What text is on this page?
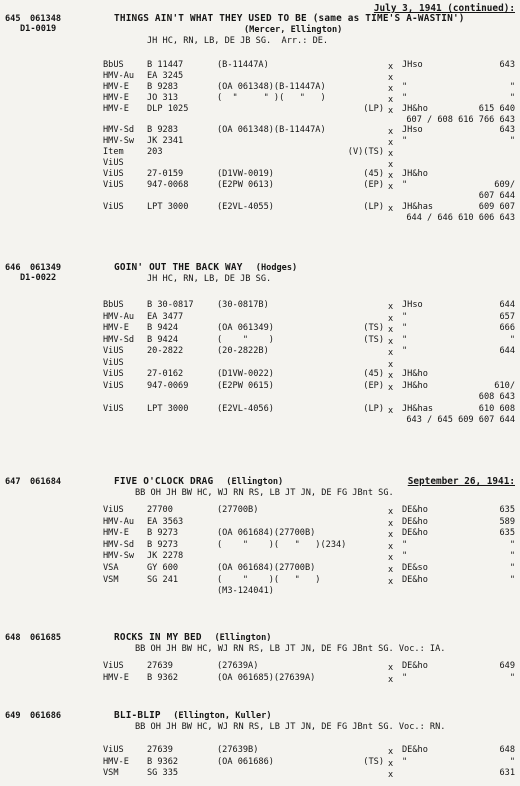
July 3, 1941 (continued):
645 061348
D1-0019
THINGS AIN'T WHAT THEY USED TO BE (same as TIME'S A-WASTIN')
(Mercer, Ellington)
JH HC, RN, LB, DE JB SG.  Arr.: DE.
BbUS	B 11447	(B-11447A)	x JHso	643
HMV-Au EA 3245	x
HMV-E B 9283	(OA 061348)(B-11447A)	x "	"
HMV-E JO 313	(  "     " )(   "   )	x "	"
HMV-E DLP 1025	(LP) x JH&ho	615 640
607 / 608 616 766 643
HMV-Sd B 9283	(OA 061348)(B-11447A)	x JHso	643
HMV-Sw JK 2341	x "	"
Item	203	(V)(TS) x
ViUS	x
ViUS	27-0159	(D1VW-0019)	(45) x JH&ho
ViUS	947-0068	(E2PW 0613)	(EP) x "	609/
607 644
ViUS	LPT 3000	(E2VL-4055)	(LP) x JH&has	609 607
644 / 646 610 606 643
646 061349
D1-0022
GOIN' OUT THE BACK WAY (Hodges)
JH HC, RN, LB, DE JB SG.
BbUS	B 30-0817	(30-0817B)	x JHso	644
HMV-Au EA 3477	x "	657
HMV-E B 9424	(OA 061349)	(TS) x "	666
HMV-Sd B 9424	(    "    )	(TS) x "	"
ViUS	20-2822	(20-2822B)	x "	644
ViUS	x
ViUS	27-0162	(D1VW-0022)	(45) x JH&ho
ViUS	947-0069	(E2PW 0615)	(EP) x JH&ho	610/
608 643
ViUS	LPT 3000	(E2VL-4056)	(LP) x JH&has	610 608
643 / 645 609 607 644
647 061684	FIVE O'CLOCK DRAG	September 26, 1941:
(Ellington)
BB OH JH BW HC, WJ RN RS, LB JT JN, DE FG JBnt SG.
ViUS	27700	(27700B)	x DE&ho	635
HMV-Au EA 3563	x DE&ho	589
HMV-E B 9273	(OA 061684)(27700B)	x DE&ho	635
HMV-Sd B 9273	(    "    )(   "   )(234)	x "	"
HMV-Sw JK 2278	x "	"
VSA	GY 600	(OA 061684)(27700B)	x DE&so	"
VSM	SG 241	(    "    )(   "   )	x DE&ho	"
(M3-124041)
648 061685	ROCKS IN MY BED (Ellington)
BB OH JH BW HC, WJ RN RS, LB JT JN, DE FG JBnt SG. Voc.: IA.
ViUS	27639	(27639A)	x DE&ho	649
HMV-E B 9362	(OA 061685)(27639A)	x "	"
649 061686	BLI-BLIP (Ellington, Kuller)
BB OH JH BW HC, WJ RN RS, LB JT JN, DE FG JBnt SG. Voc.: RN.
ViUS	27639	(27639B)	x DE&ho	648
HMV-E B 9362	(OA 061686)	(TS) x "	"
VSM	SG 335	x	631
